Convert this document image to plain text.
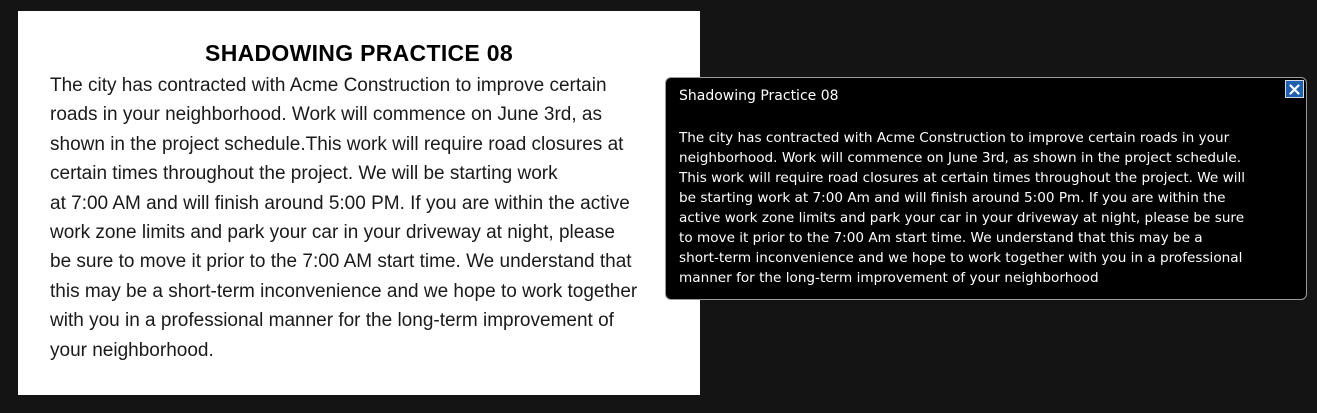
SHADOWING PRACTICE 08
The city has contracted with Acme Construction to improve certain
roads in your neighborhood. Work will commence on June 3rd, as
shown in the project schedule.This work will require road closures at
certain times throughout the project. We will be starting work
at 7:00 AM and will finish around 5:00 PM. If you are within the active
work zone limits and park your car in your driveway at night, please
be sure to move it prior to the 7:00 AM start time. We understand that
this may be a short-term inconvenience and we hope to work together
with you in a professional manner for the long-term improvement of
your neighborhood.
Shadowing Practice 08
The city has contracted with Acme Construction to improve certain roads in your
neighborhood. Work will commence on June 3rd, as shown in the project schedule.
This work will require road closures at certain times throughout the project. We will
be starting work at 7:00 Am and will finish around 5:00 Pm. If you are within the
active work zone limits and park your car in your driveway at night, please be sure
to move it prior to the 7:00 Am start time. We understand that this may be a
short-term inconvenience and we hope to work together with you in a professional
manner for the long-term improvement of your neighborhood
